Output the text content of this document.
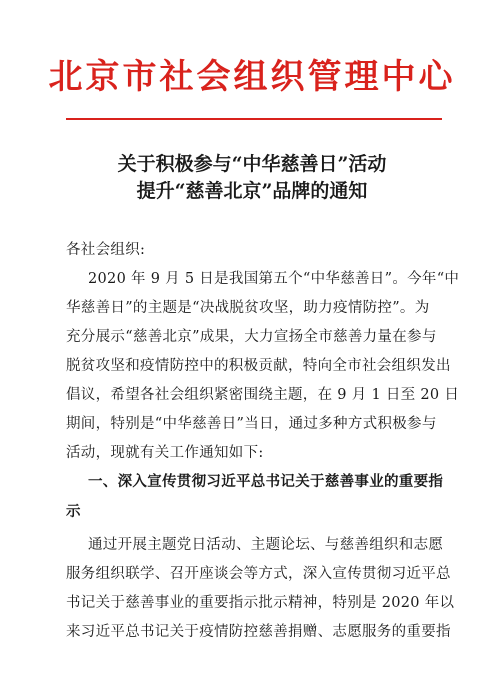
北京市社会组织管理中心
关于积极参与“中华慈善日”活动
提升“慈善北京”品牌的通知
各社会组织:
2020 年 9 月 5 日是我国第五个“中华慈善日”。今年“中
华慈善日”的主题是“决战脱贫攻坚，助力疫情防控”。为
充分展示“慈善北京”成果，大力宣扬全市慈善力量在参与
脱贫攻坚和疫情防控中的积极贡献，特向全市社会组织发出
倡议，希望各社会组织紧密围绕主题，在 9 月 1 日至 20 日
期间，特别是“中华慈善日”当日，通过多种方式积极参与
活动，现就有关工作通知如下:
一、深入宣传贯彻习近平总书记关于慈善事业的重要指
示
通过开展主题党日活动、主题论坛、与慈善组织和志愿
服务组织联学、召开座谈会等方式，深入宣传贯彻习近平总
书记关于慈善事业的重要指示批示精神，特别是 2020 年以
来习近平总书记关于疫情防控慈善捐赠、志愿服务的重要指
